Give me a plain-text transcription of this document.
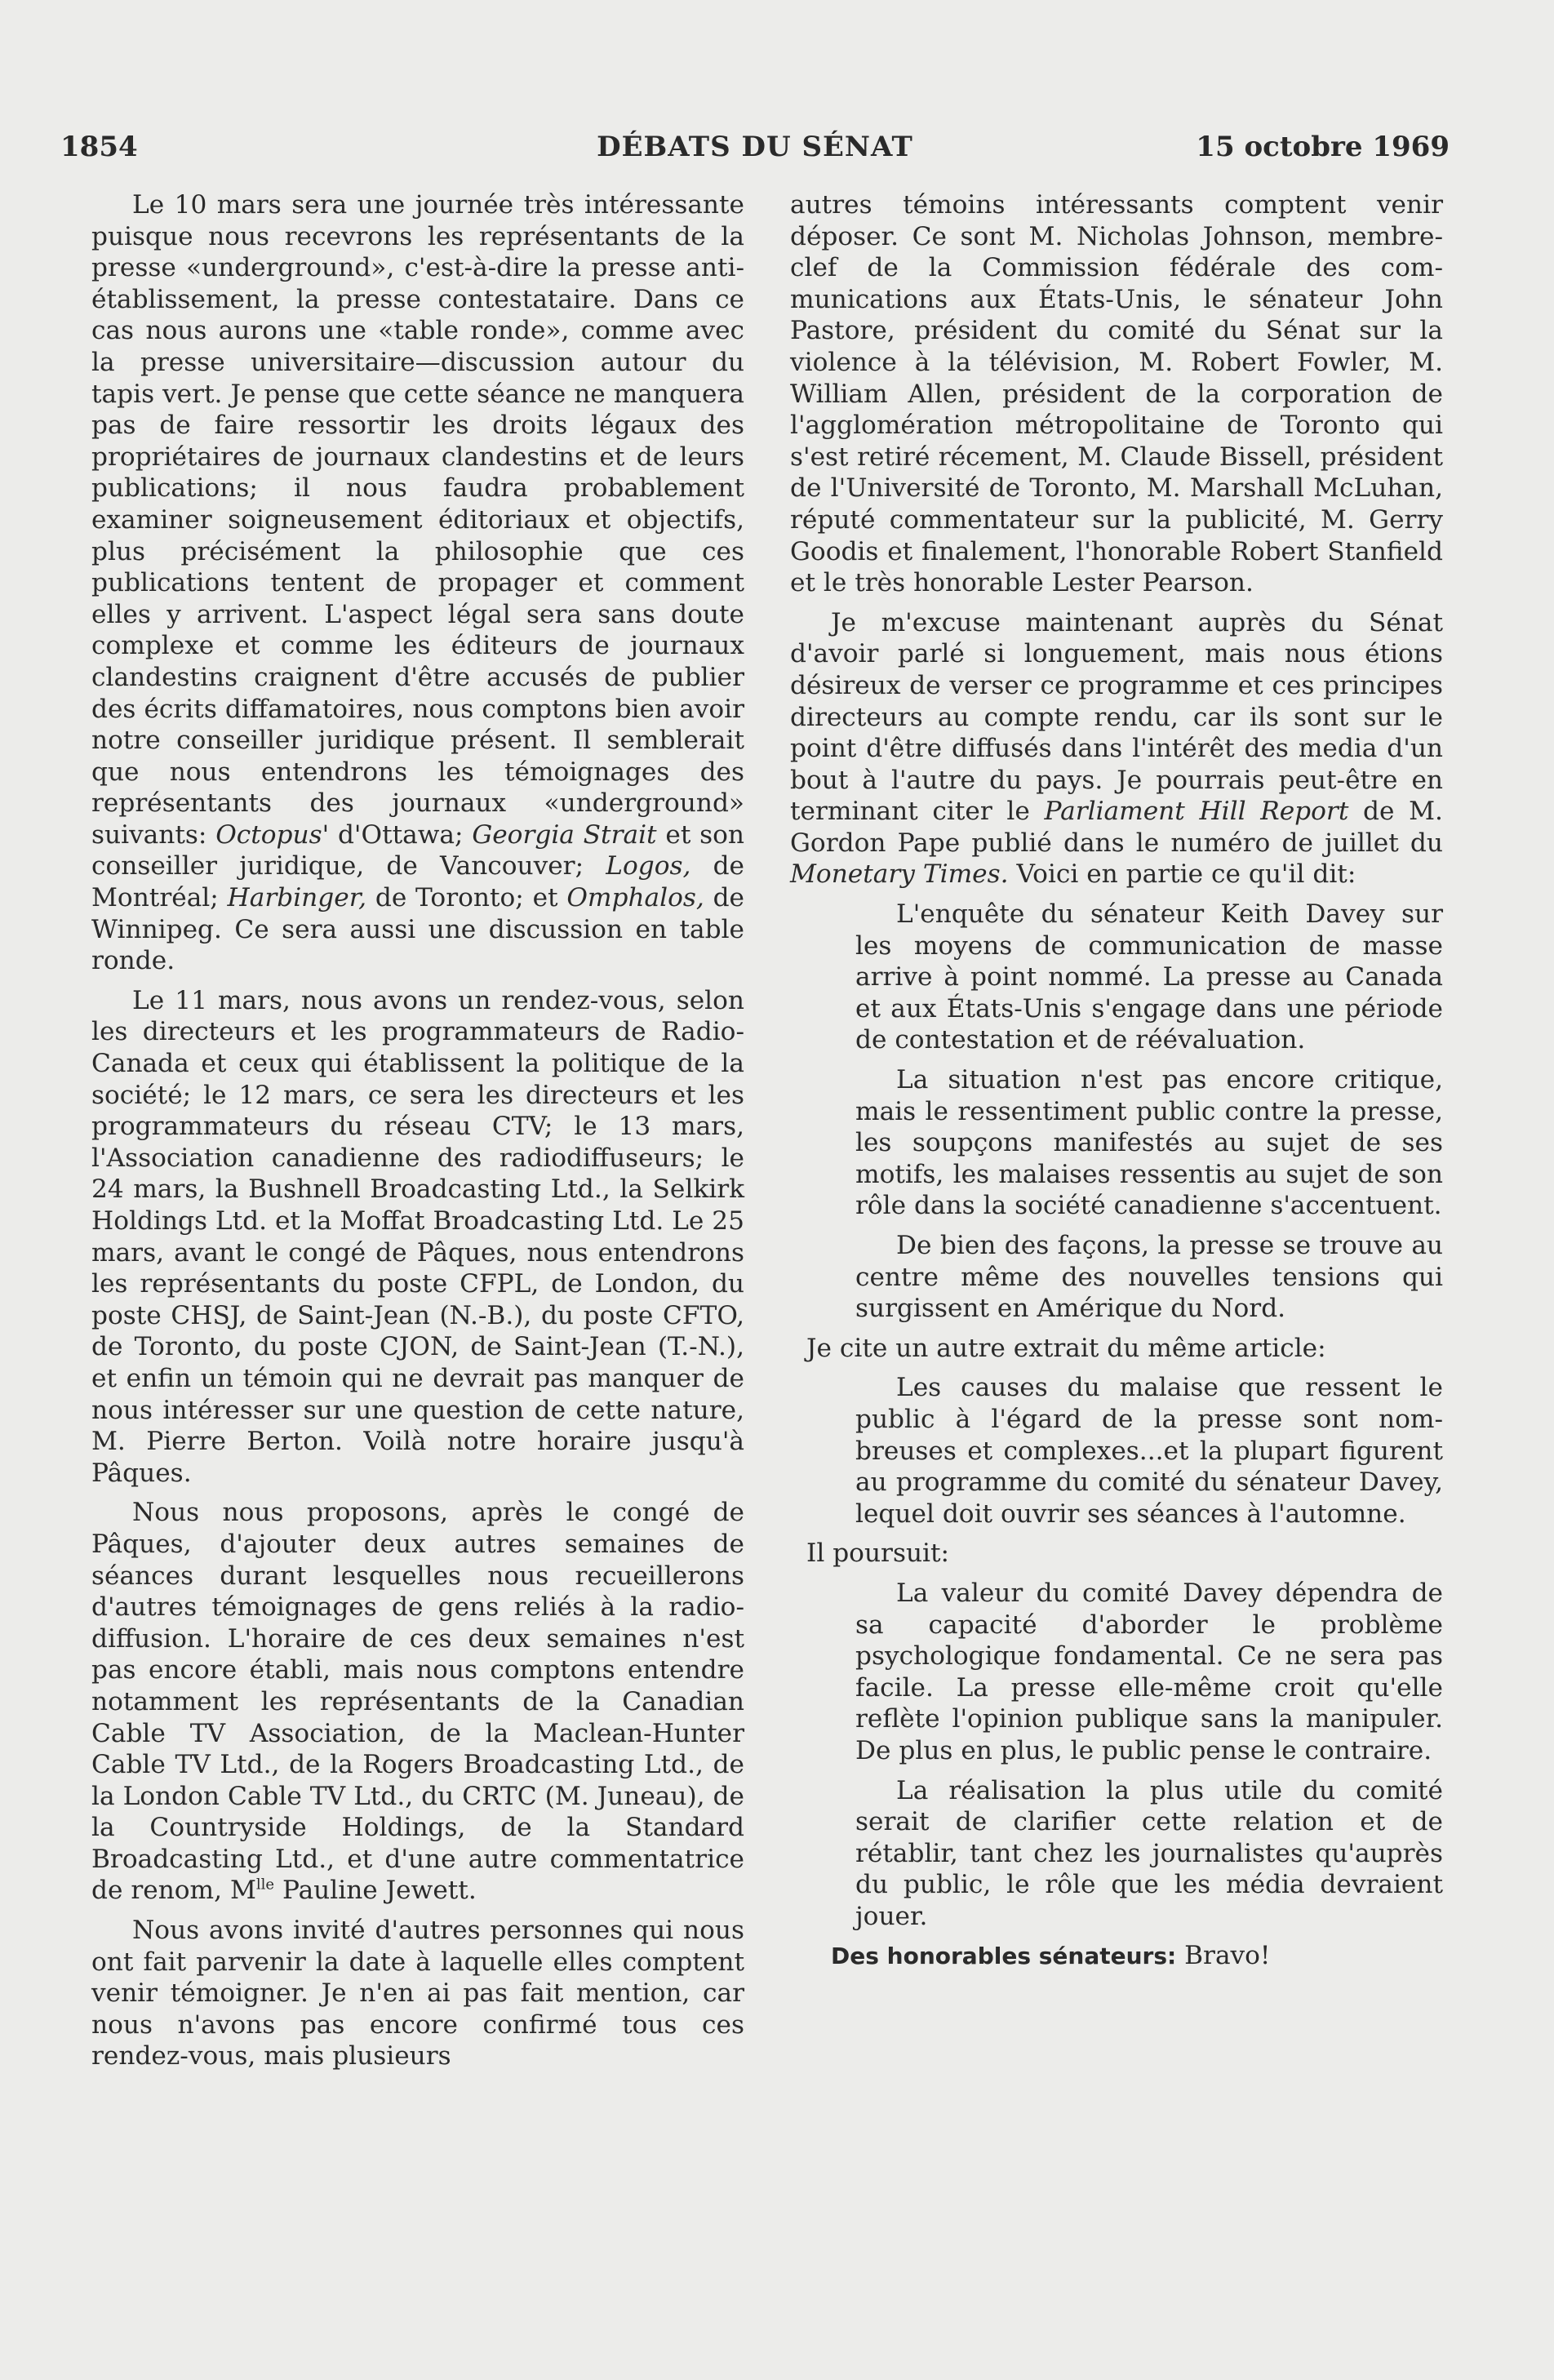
1854	DÉBATS DU SÉNAT	15 octobre 1969

Le 10 mars sera une journée très intéressante puisque nous recevrons les représentants de la presse «underground», c'est-à-dire la presse anti-établissement, la presse contestataire. Dans ce cas nous aurons une «table ronde», comme avec la presse universitaire—discussion autour du tapis vert. Je pense que cette séance ne manquera pas de faire ressortir les droits légaux des propriétaires de journaux clandestins et de leurs publications; il nous faudra probablement examiner soigneusement éditoriaux et objectifs, plus précisément la philosophie que ces publications tentent de propager et comment elles y arrivent. L'aspect légal sera sans doute complexe et comme les éditeurs de journaux clandestins craignent d'être accusés de publier des écrits diffamatoires, nous comptons bien avoir notre conseiller juridique présent. Il semblerait que nous entendrons les témoignages des représentants des journaux «underground» suivants: Octopus' d'Ottawa; Georgia Strait et son conseiller juridique, de Vancouver; Logos, de Montréal; Harbinger, de Toronto; et Omphalos, de Winnipeg. Ce sera aussi une discussion en table ronde.

Le 11 mars, nous avons un rendez-vous, selon les directeurs et les programmateurs de Radio-Canada et ceux qui établissent la politique de la société; le 12 mars, ce sera les directeurs et les programmateurs du réseau CTV; le 13 mars, l'Association canadienne des radiodiffuseurs; le 24 mars, la Bushnell Broadcasting Ltd., la Selkirk Holdings Ltd. et la Moffat Broadcasting Ltd. Le 25 mars, avant le congé de Pâques, nous entendrons les représentants du poste CFPL, de London, du poste CHSJ, de Saint-Jean (N.-B.), du poste CFTO, de Toronto, du poste CJON, de Saint-Jean (T.-N.), et enfin un témoin qui ne devrait pas manquer de nous intéresser sur une question de cette nature, M. Pierre Berton. Voilà notre horaire jusqu'à Pâques.

Nous nous proposons, après le congé de Pâques, d'ajouter deux autres semaines de séances durant lesquelles nous recueillerons d'autres témoignages de gens reliés à la radiodiffusion. L'horaire de ces deux semaines n'est pas encore établi, mais nous comptons entendre notamment les représentants de la Canadian Cable TV Association, de la Maclean-Hunter Cable TV Ltd., de la Rogers Broadcasting Ltd., de la London Cable TV Ltd., du CRTC (M. Juneau), de la Countryside Holdings, de la Standard Broadcasting Ltd., et d'une autre commentatrice de renom, $M^{lle}$ Pauline Jewett.

Nous avons invité d'autres personnes qui nous ont fait parvenir la date à laquelle elles comptent venir témoigner. Je n'en ai pas fait mention, car nous n'avons pas encore confirmé tous ces rendez-vous, mais plusieurs

autres témoins intéressants comptent venir déposer. Ce sont M. Nicholas Johnson, membre-clef de la Commission fédérale des communications aux États-Unis, le sénateur John Pastore, président du comité du Sénat sur la violence à la télévision, M. Robert Fowler, M. William Allen, président de la corporation de l'agglomération métropolitaine de Toronto qui s'est retiré récement, M. Claude Bissell, président de l'Université de Toronto, M. Marshall McLuhan, réputé commentateur sur la publicité, M. Gerry Goodis et finalement, l'honorable Robert Stanfield et le très honorable Lester Pearson.

Je m'excuse maintenant auprès du Sénat d'avoir parlé si longuement, mais nous étions désireux de verser ce programme et ces principes directeurs au compte rendu, car ils sont sur le point d'être diffusés dans l'intérêt des media d'un bout à l'autre du pays. Je pourrais peut-être en terminant citer le Parliament Hill Report de M. Gordon Pape publié dans le numéro de juillet du Monetary Times. Voici en partie ce qu'il dit:

L'enquête du sénateur Keith Davey sur les moyens de communication de masse arrive à point nommé. La presse au Canada et aux États-Unis s'engage dans une période de contestation et de réévaluation.

La situation n'est pas encore critique, mais le ressentiment public contre la presse, les soupçons manifestés au sujet de ses motifs, les malaises ressentis au sujet de son rôle dans la société canadienne s'accentuent.

De bien des façons, la presse se trouve au centre même des nouvelles tensions qui surgissent en Amérique du Nord.

Je cite un autre extrait du même article:

Les causes du malaise que ressent le public à l'égard de la presse sont nombreuses et complexes...et la plupart figurent au programme du comité du sénateur Davey, lequel doit ouvrir ses séances à l'automne.

Il poursuit:

La valeur du comité Davey dépendra de sa capacité d'aborder le problème psychologique fondamental. Ce ne sera pas facile. La presse elle-même croit qu'elle reflète l'opinion publique sans la manipuler. De plus en plus, le public pense le contraire.

La réalisation la plus utile du comité serait de clarifier cette relation et de rétablir, tant chez les journalistes qu'auprès du public, le rôle que les média devraient jouer.

Des honorables sénateurs: Bravo!
